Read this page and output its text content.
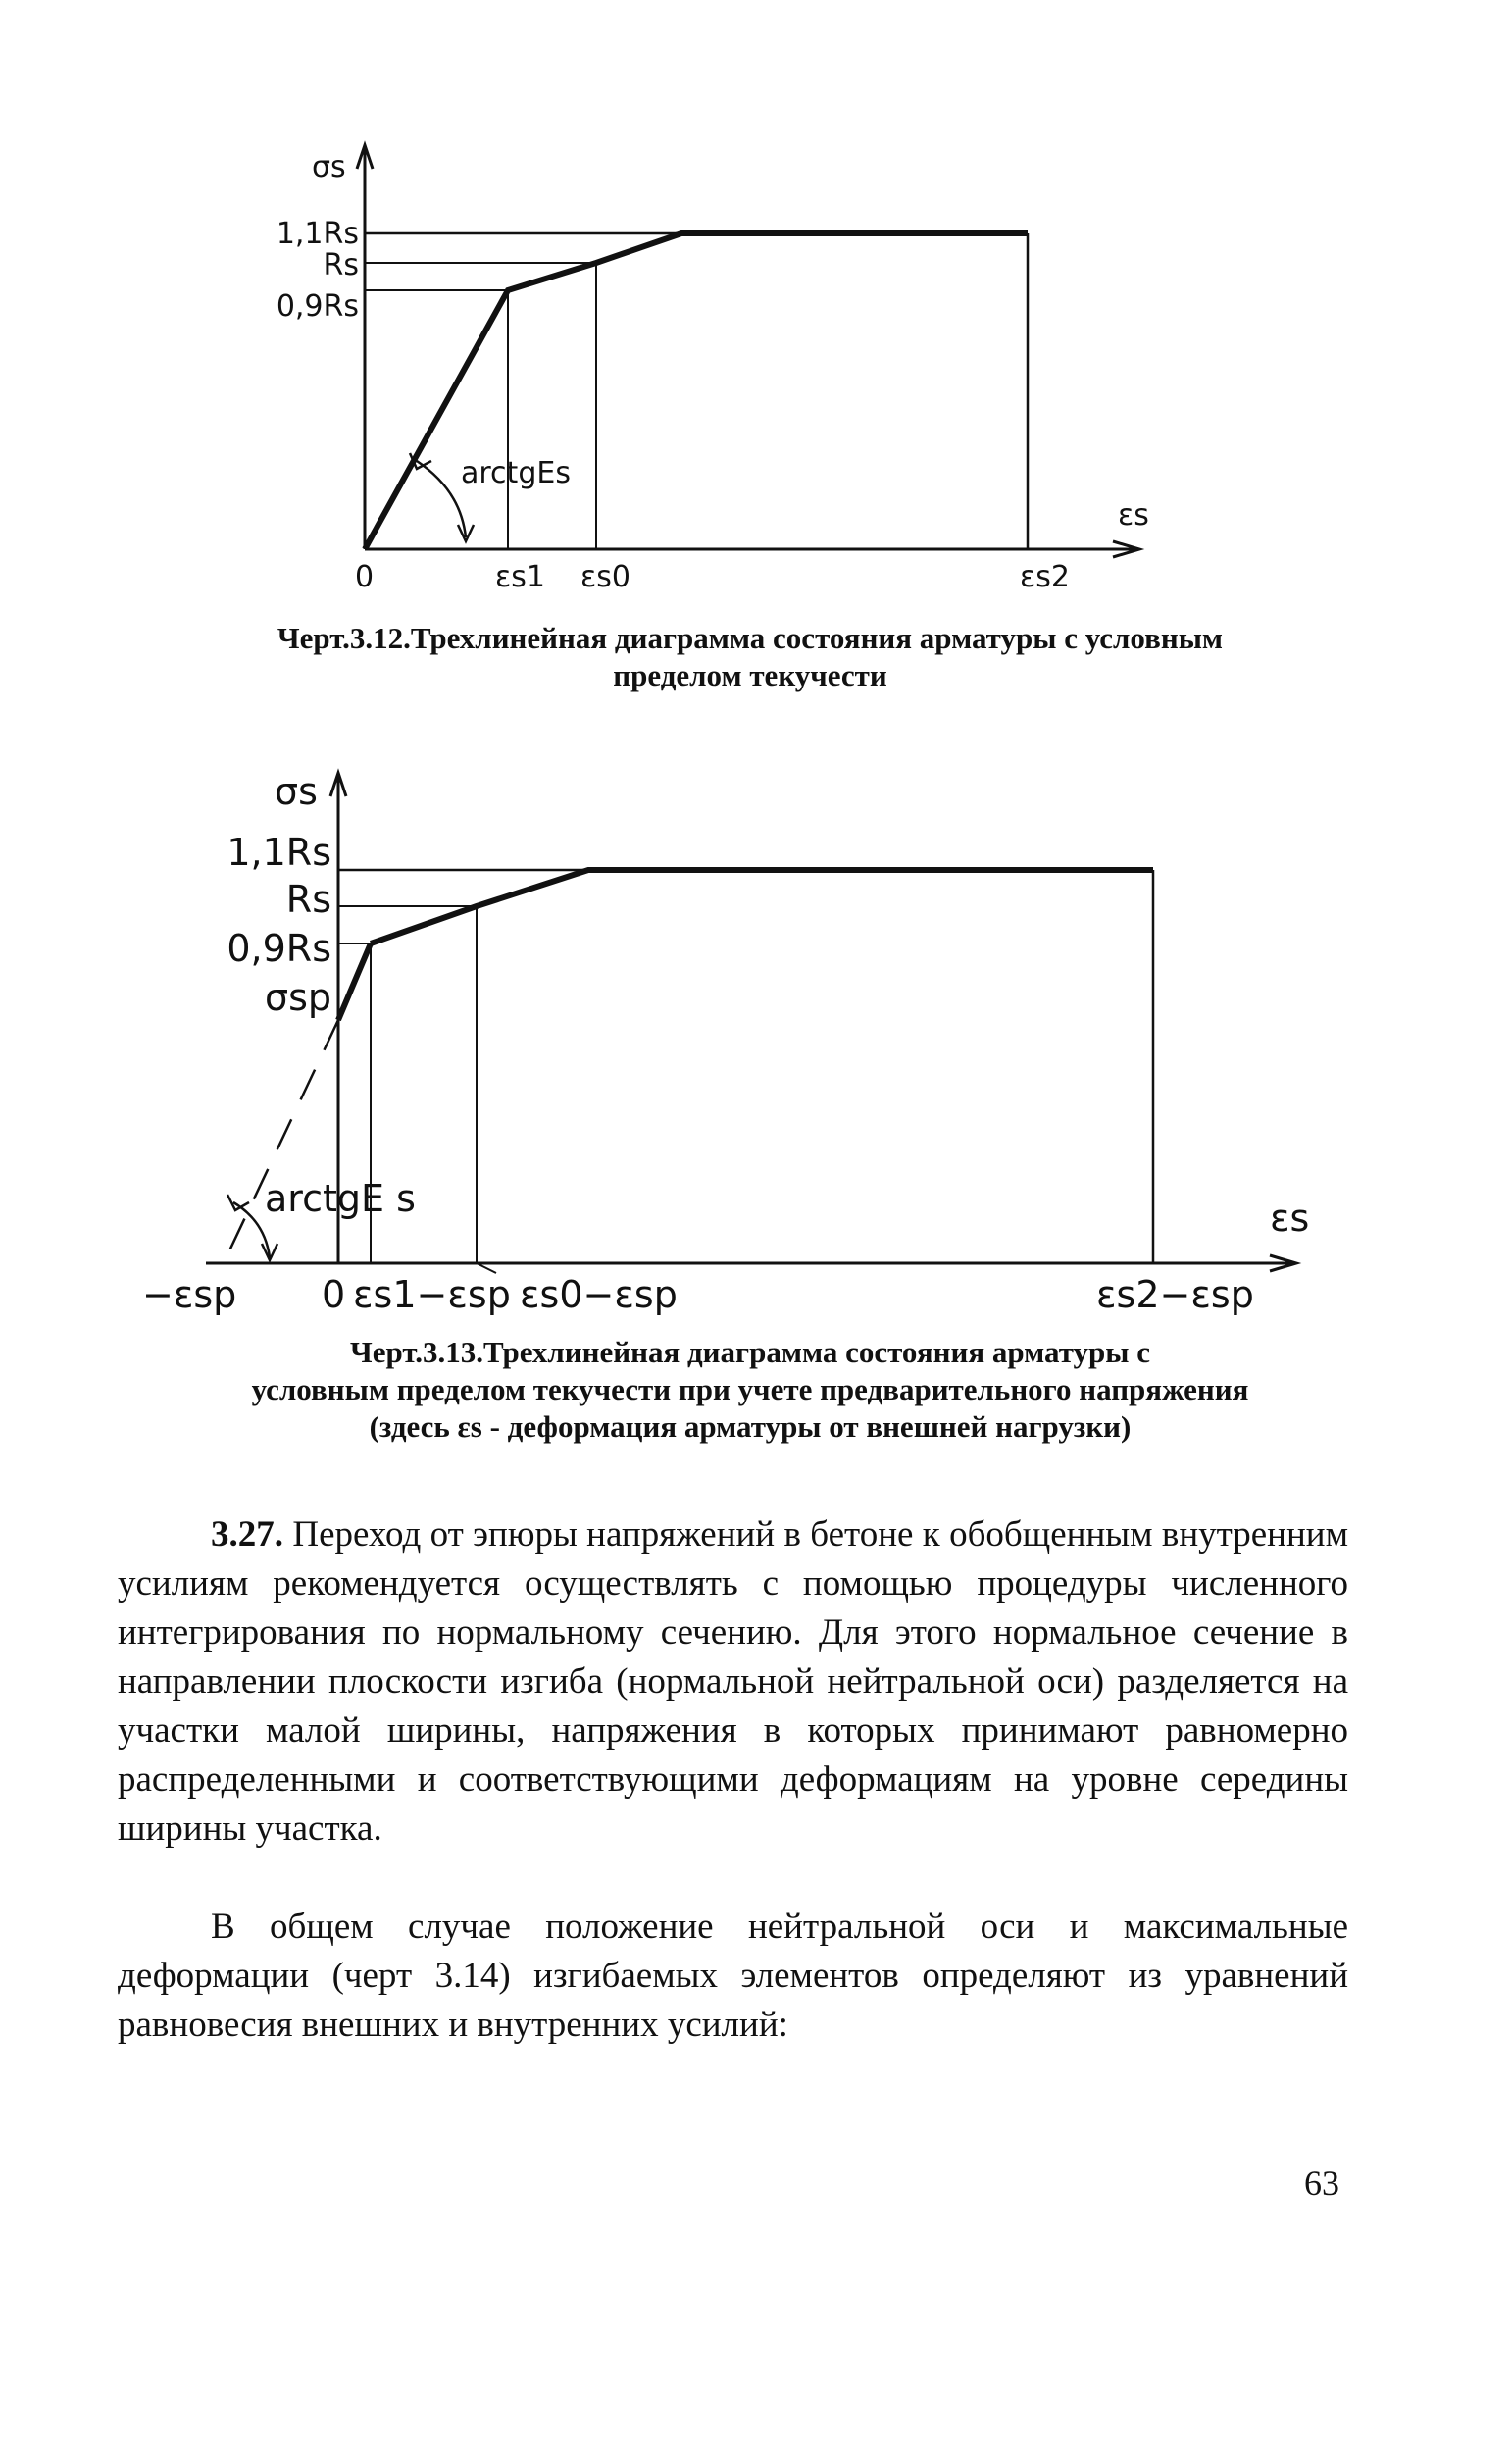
σs
1,1Rs
Rs
0,9Rs
arctgEs
εs
0	εs1 εs0	εs2
Черт.3.12.Трехлинейная диаграмма состояния арматуры с условным
пределом текучести
σs
1,1Rs
Rs
0,9Rs
σsp
arctgE s	εs
−εsp 0 εs1−εsp εs0−εsp	εs2−εsp
Черт.3.13.Трехлинейная диаграмма состояния арматуры с
условным пределом текучести при учете предварительного напряжения
(здесь εs - деформация арматуры от внешней нагрузки)

3.27. Переход от эпюры напряжений в бетоне к обобщенным внутренним усилиям рекомендуется осуществлять с помощью процедуры численного интегрирования по нормальному сечению. Для этого нормальное сечение в направлении плоскости изгиба (нормальной нейтральной оси) разделяется на участки малой ширины, напряжения в которых принимают равномерно распределенными и соответствующими деформациям на уровне середины ширины участка.

В общем случае положение нейтральной оси и максимальные деформации (черт 3.14) изгибаемых элементов определяют из уравнений равновесия внешних и внутренних усилий:

63
